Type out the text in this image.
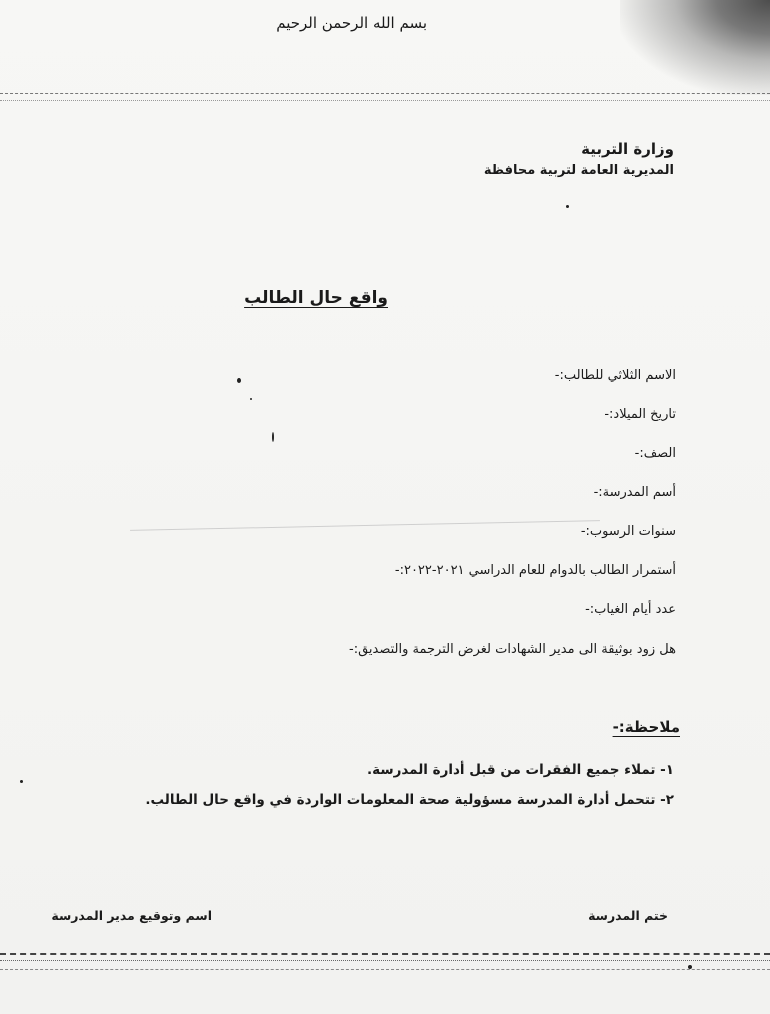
بسم الله الرحمن الرحيم
وزارة التربية
المديرية العامة لتربية محافظة
واقع حال الطالب
الاسم الثلاثي للطالب:-
تاريخ الميلاد:-
الصف:-
أسم المدرسة:-
سنوات الرسوب:-
أستمرار الطالب بالدوام للعام الدراسي ٢٠٢١-٢٠٢٢:-
عدد أيام الغياب:-
هل زود بوثيقة الى مدير الشهادات لغرض الترجمة والتصديق:-
ملاحظة:-
١- تملاء جميع الفقرات من قبل أدارة المدرسة.
٢- تتحمل أدارة المدرسة مسؤولية صحة المعلومات الواردة في واقع حال الطالب.
ختم المدرسة
اسم وتوقيع مدير المدرسة
